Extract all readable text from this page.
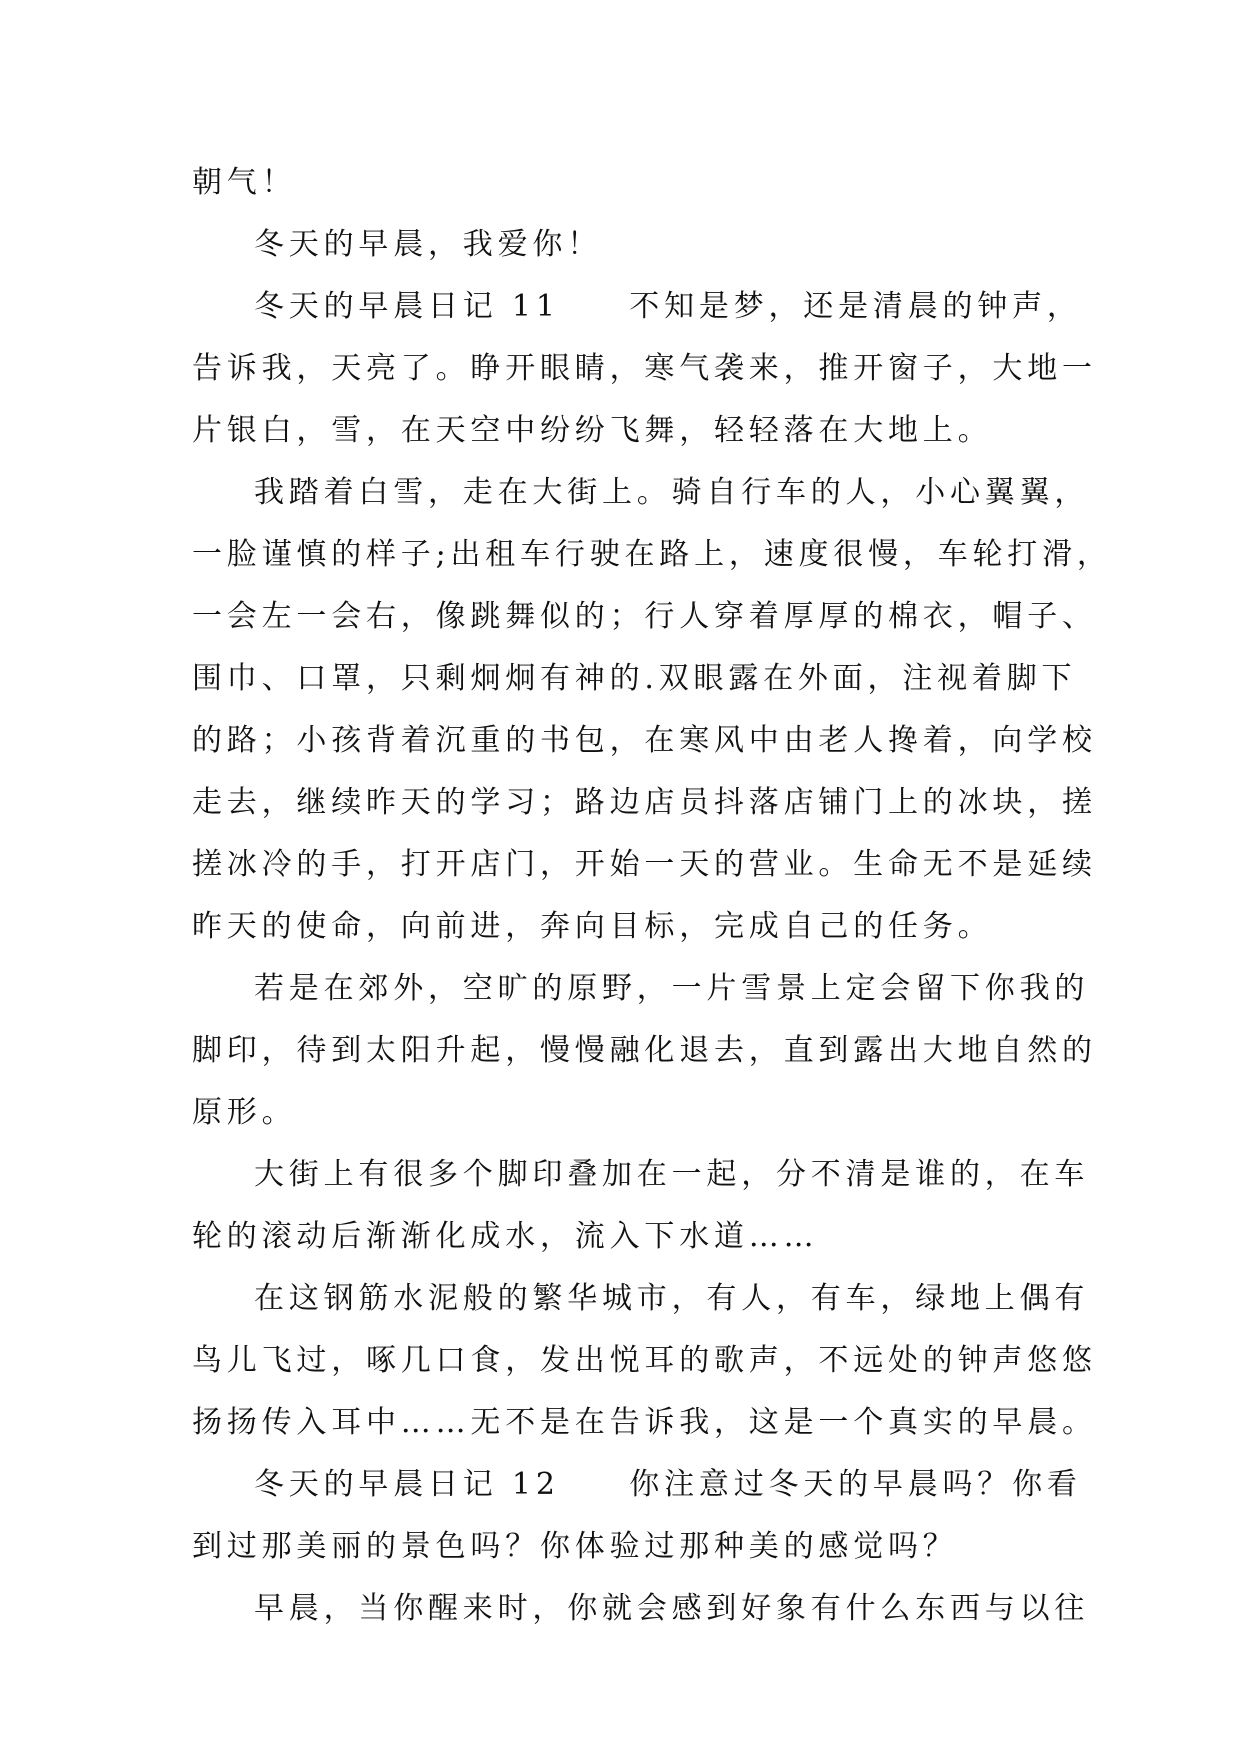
朝气！
冬天的早晨，我爱你！
冬天的早晨日记 11　　不知是梦，还是清晨的钟声，
告诉我，天亮了。睁开眼睛，寒气袭来，推开窗子，大地一
片银白，雪，在天空中纷纷飞舞，轻轻落在大地上。
我踏着白雪，走在大街上。骑自行车的人，小心翼翼，
一脸谨慎的样子;出租车行驶在路上，速度很慢，车轮打滑，
一会左一会右，像跳舞似的；行人穿着厚厚的棉衣，帽子、
围巾、口罩，只剩炯炯有神的.双眼露在外面，注视着脚下
的路；小孩背着沉重的书包，在寒风中由老人搀着，向学校
走去，继续昨天的学习；路边店员抖落店铺门上的冰块，搓
搓冰冷的手，打开店门，开始一天的营业。生命无不是延续
昨天的使命，向前进，奔向目标，完成自己的任务。
若是在郊外，空旷的原野，一片雪景上定会留下你我的
脚印，待到太阳升起，慢慢融化退去，直到露出大地自然的
原形。
大街上有很多个脚印叠加在一起，分不清是谁的，在车
轮的滚动后渐渐化成水，流入下水道……
在这钢筋水泥般的繁华城市，有人，有车，绿地上偶有
鸟儿飞过，啄几口食，发出悦耳的歌声，不远处的钟声悠悠
扬扬传入耳中……无不是在告诉我，这是一个真实的早晨。
冬天的早晨日记 12　　你注意过冬天的早晨吗？你看
到过那美丽的景色吗？你体验过那种美的感觉吗？
早晨，当你醒来时，你就会感到好象有什么东西与以往
